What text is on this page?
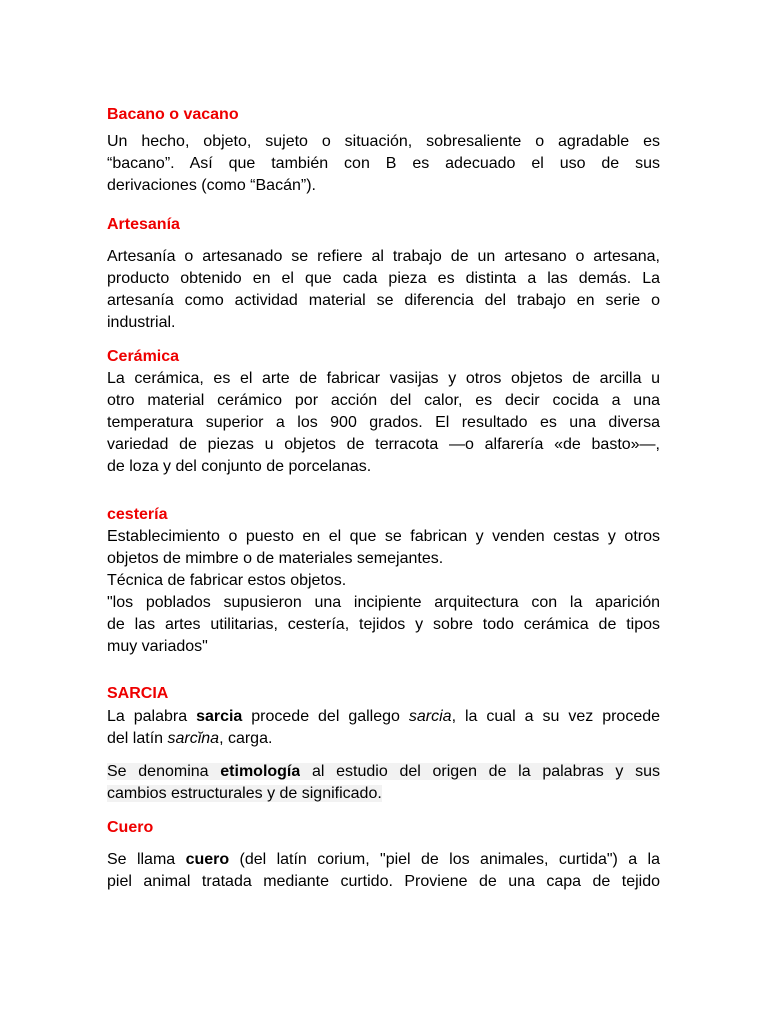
Bacano o vacano
Un hecho, objeto, sujeto o situación, sobresaliente o agradable es
“bacano”. Así que también con B es adecuado el uso de sus
derivaciones (como “Bacán”).
Artesanía
Artesanía o artesanado se refiere al trabajo de un artesano o artesana,
producto obtenido en el que cada pieza es distinta a las demás. La
artesanía como actividad material se diferencia del trabajo en serie o
industrial.
Cerámica
La cerámica, es el arte de fabricar vasijas y otros objetos de arcilla u
otro material cerámico por acción del calor, es decir cocida a una
temperatura superior a los 900 grados. El resultado es una diversa
variedad de piezas u objetos de terracota —o alfarería «de basto»—,
de loza y del conjunto de porcelanas.
cestería
Establecimiento o puesto en el que se fabrican y venden cestas y otros
objetos de mimbre o de materiales semejantes.
Técnica de fabricar estos objetos.
"los poblados supusieron una incipiente arquitectura con la aparición
de las artes utilitarias, cestería, tejidos y sobre todo cerámica de tipos
muy variados"
SARCIA
La palabra sarcia procede del gallego sarcia, la cual a su vez procede
del latín sarcĭna, carga.
Se denomina etimología al estudio del origen de la palabras y sus
cambios estructurales y de significado.
Cuero
Se llama cuero (del latín corium, "piel de los animales, curtida") a la
piel animal tratada mediante curtido. Proviene de una capa de tejido
